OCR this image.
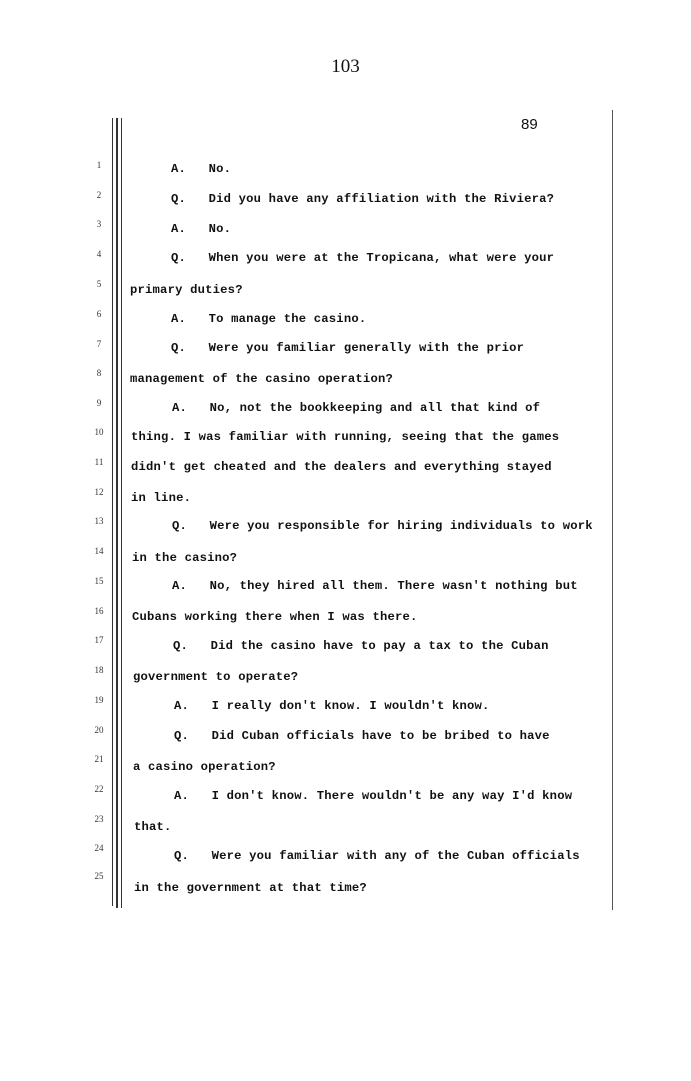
103
89
1
2
3
4
5
6
7
8
9
10
11
12
13
14
15
16
17
18
19
20
21
22
23
24
25
A.   No.
Q.   Did you have any affiliation with the Riviera?
A.   No.
Q.   When you were at the Tropicana, what were your
primary duties?
A.   To manage the casino.
Q.   Were you familiar generally with the prior
management of the casino operation?
A.   No, not the bookkeeping and all that kind of
thing. I was familiar with running, seeing that the games
didn't get cheated and the dealers and everything stayed
in line.
Q.   Were you responsible for hiring individuals to work
in the casino?
A.   No, they hired all them. There wasn't nothing but
Cubans working there when I was there.
Q.   Did the casino have to pay a tax to the Cuban
government to operate?
A.   I really don't know. I wouldn't know.
Q.   Did Cuban officials have to be bribed to have
a casino operation?
A.   I don't know. There wouldn't be any way I'd know
that.
Q.   Were you familiar with any of the Cuban officials
in the government at that time?
